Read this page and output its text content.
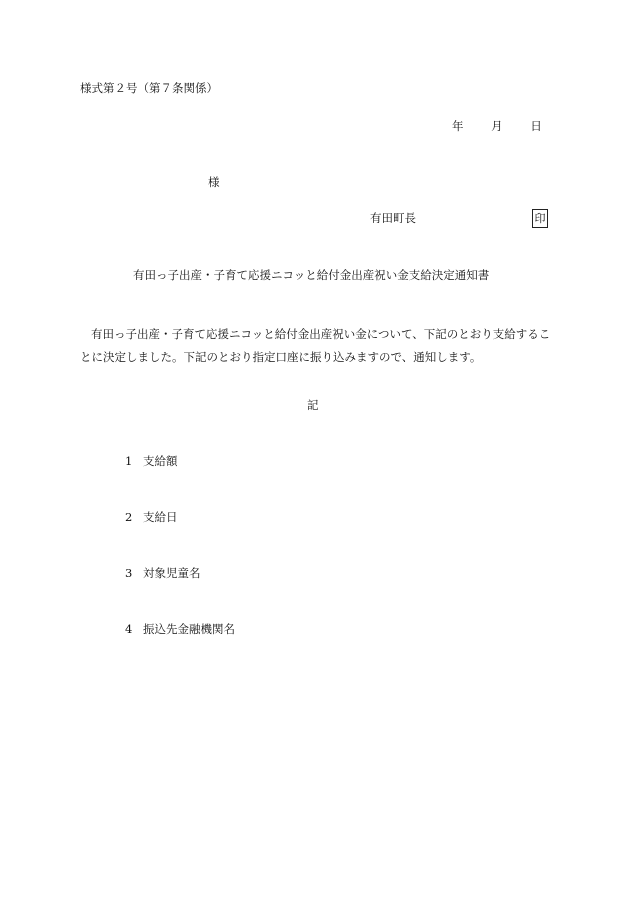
様式第２号（第７条関係）
年 月 日
様
有田町長	印
有田っ子出産・子育て応援ニコッと給付金出産祝い金支給決定通知書
有田っ子出産・子育て応援ニコッと給付金出産祝い金について、下記のとおり支給することに決定しました。下記のとおり指定口座に振り込みますので、通知します。
記
1 支給額
2 支給日
3 対象児童名
4 振込先金融機関名
